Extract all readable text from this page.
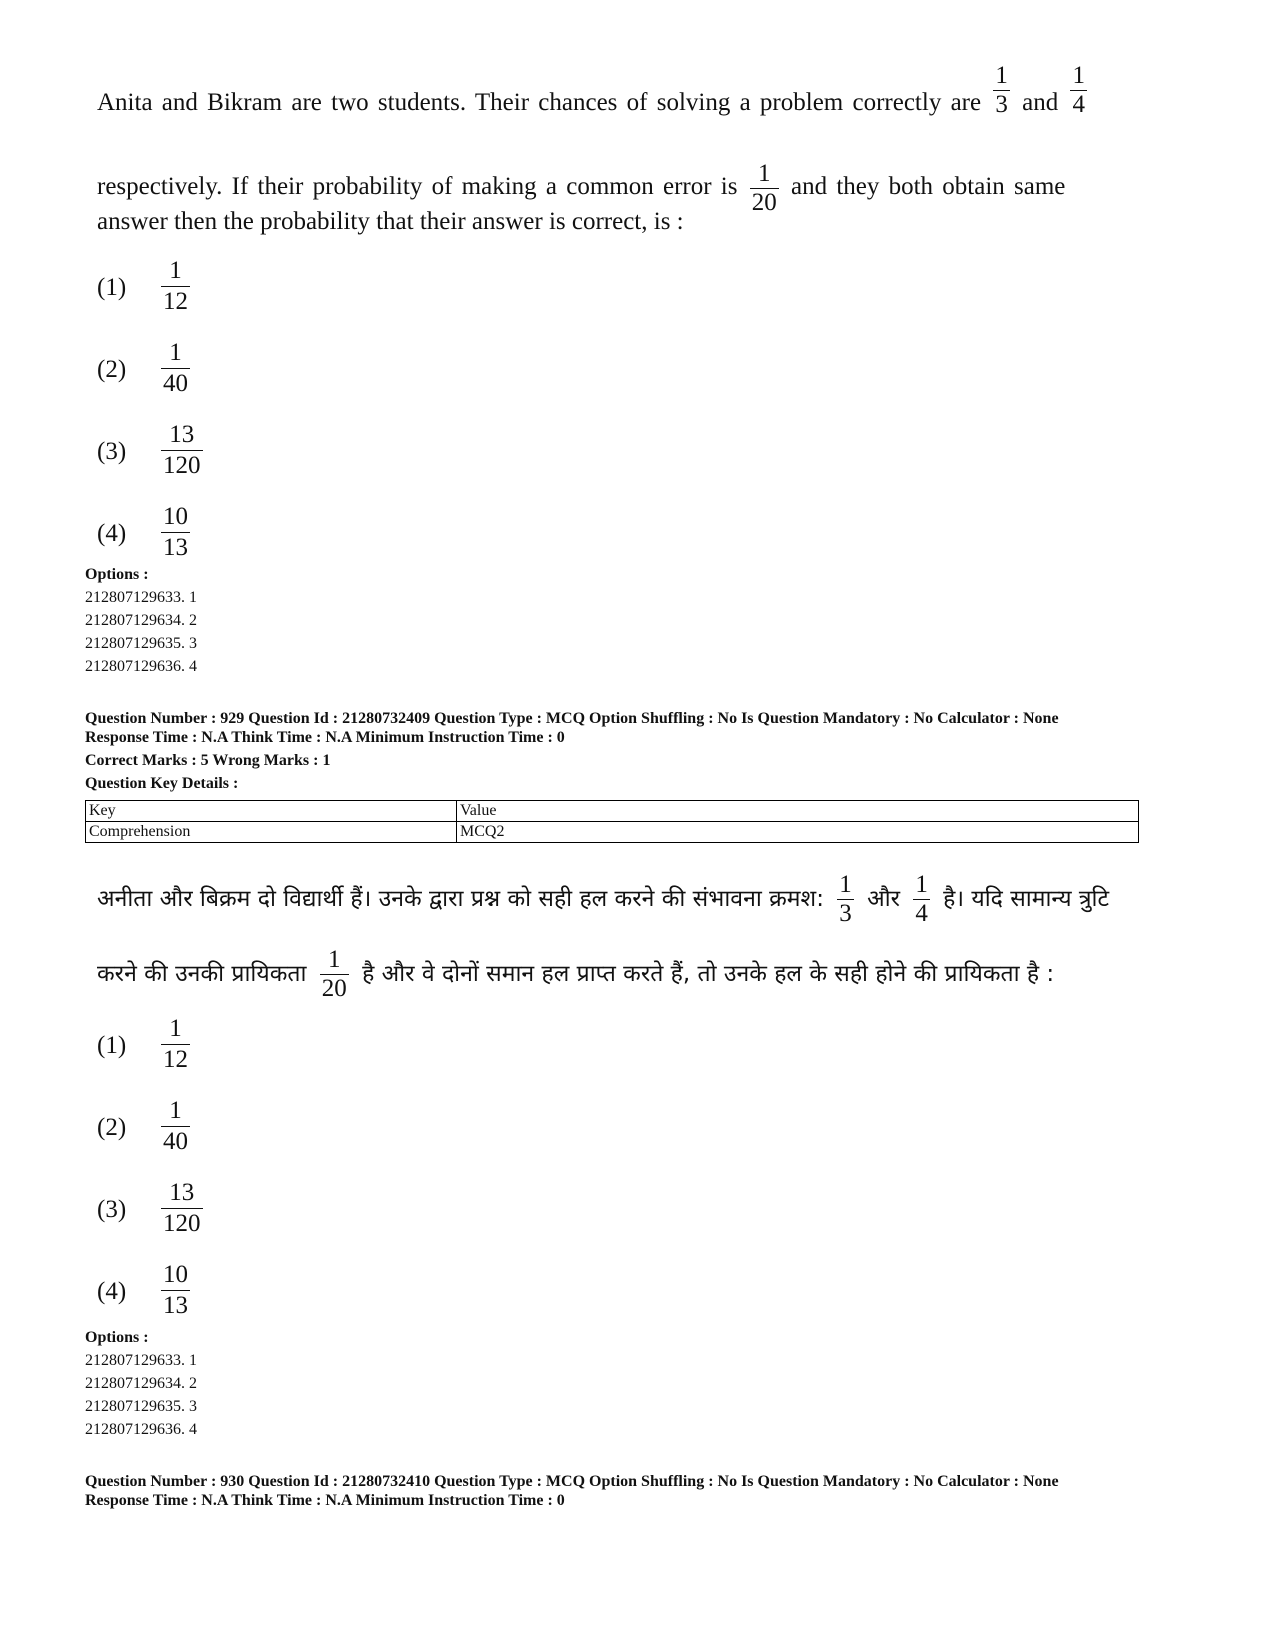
Anita and Bikram are two students. Their chances of solving a problem correctly are $\frac{1}{3}$ and $\frac{1}{4}$
respectively. If their probability of making a common error is $\frac{1}{20}$ and they both obtain same
answer then the probability that their answer is correct, is :
(1)	$\frac{1}{12}$
(2)	$\frac{1}{40}$
(3)	$\frac{13}{120}$
(4)	$\frac{10}{13}$
Options :
212807129633. 1
212807129634. 2
212807129635. 3
212807129636. 4
Question Number : 929 Question Id : 21280732409 Question Type : MCQ Option Shuffling : No Is Question Mandatory : No Calculator : None
Response Time : N.A Think Time : N.A Minimum Instruction Time : 0
Correct Marks : 5 Wrong Marks : 1
Question Key Details :
Key	Value
Comprehension	MCQ2
अनीता और बिक्रम दो विद्यार्थी हैं। उनके द्वारा प्रश्न को सही हल करने की संभावना क्रमश: $\frac{1}{3}$ और $\frac{1}{4}$ है। यदि सामान्य त्रुटि
करने की उनकी प्रायिकता $\frac{1}{20}$ है और वे दोनों समान हल प्राप्त करते हैं, तो उनके हल के सही होने की प्रायिकता है :
(1)	$\frac{1}{12}$
(2)	$\frac{1}{40}$
(3)	$\frac{13}{120}$
(4)	$\frac{10}{13}$
Options :
212807129633. 1
212807129634. 2
212807129635. 3
212807129636. 4
Question Number : 930 Question Id : 21280732410 Question Type : MCQ Option Shuffling : No Is Question Mandatory : No Calculator : None
Response Time : N.A Think Time : N.A Minimum Instruction Time : 0
